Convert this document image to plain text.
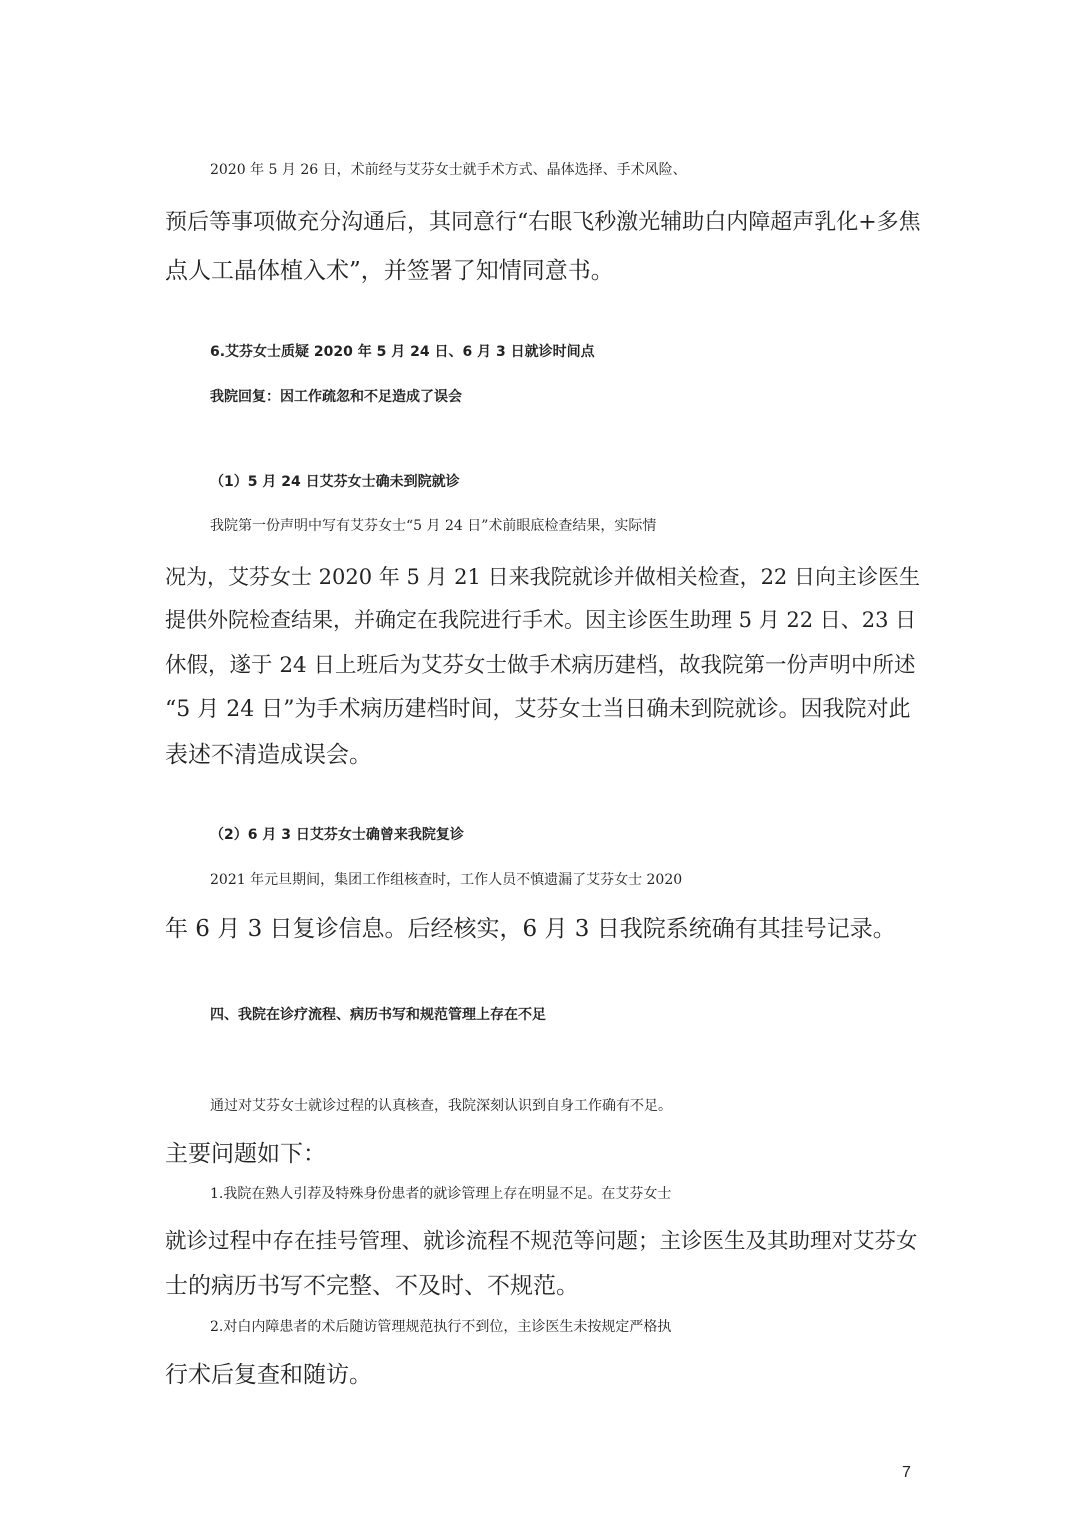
2020 年 5 月 26 日，术前经与艾芬女士就手术方式、晶体选择、手术风险、

预后等事项做充分沟通后，其同意行“右眼飞秒激光辅助白内障超声乳化+多焦

点人工晶体植入术”，并签署了知情同意书。

6.艾芬女士质疑 2020 年 5 月 24 日、6 月 3 日就诊时间点

我院回复：因工作疏忽和不足造成了误会

（1）5 月 24 日艾芬女士确未到院就诊

我院第一份声明中写有艾芬女士“5 月 24 日”术前眼底检查结果，实际情

况为，艾芬女士 2020 年 5 月 21 日来我院就诊并做相关检查，22 日向主诊医生

提供外院检查结果，并确定在我院进行手术。因主诊医生助理 5 月 22 日、23 日

休假，遂于 24 日上班后为艾芬女士做手术病历建档，故我院第一份声明中所述

“5 月 24 日”为手术病历建档时间，艾芬女士当日确未到院就诊。因我院对此

表述不清造成误会。

（2）6 月 3 日艾芬女士确曾来我院复诊

2021 年元旦期间，集团工作组核查时，工作人员不慎遗漏了艾芬女士 2020

年 6 月 3 日复诊信息。后经核实，6 月 3 日我院系统确有其挂号记录。

四、我院在诊疗流程、病历书写和规范管理上存在不足

通过对艾芬女士就诊过程的认真核查，我院深刻认识到自身工作确有不足。

主要问题如下：

1.我院在熟人引荐及特殊身份患者的就诊管理上存在明显不足。在艾芬女士

就诊过程中存在挂号管理、就诊流程不规范等问题；主诊医生及其助理对艾芬女

士的病历书写不完整、不及时、不规范。

2.对白内障患者的术后随访管理规范执行不到位，主诊医生未按规定严格执

行术后复查和随访。

7
